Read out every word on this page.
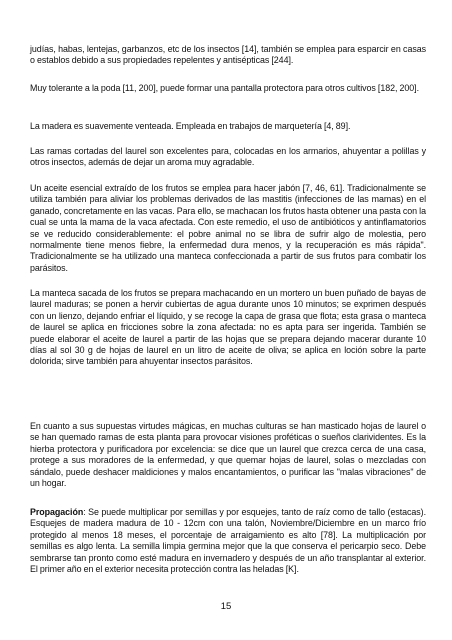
judías, habas, lentejas, garbanzos, etc de los insectos [14], también se emplea para esparcir en casas o establos debido a sus propiedades repelentes y antisépticas [244].

Muy tolerante a la poda [11, 200], puede formar una pantalla protectora para otros cultivos [182, 200].

La madera es suavemente venteada. Empleada en trabajos de marquetería [4, 89].

Las ramas cortadas del laurel son excelentes para, colocadas en los armarios, ahuyentar a polillas y otros insectos, además de dejar un aroma muy agradable.

Un aceite esencial extraído de los frutos se emplea para hacer jabón [7, 46, 61]. Tradicionalmente se utiliza también para aliviar los problemas derivados de las mastitis (infecciones de las mamas) en el ganado, concretamente en las vacas. Para ello, se machacan los frutos hasta obtener una pasta con la cual se unta la mama de la vaca afectada. Con este remedio, el uso de antibióticos y antinflamatorios se ve reducido considerablemente: el pobre animal no se libra de sufrir algo de molestia, pero normalmente tiene menos fiebre, la enfermedad dura menos, y la recuperación es más rápida". Tradicionalmente se ha utilizado una manteca confeccionada a partir de sus frutos para combatir los parásitos.

La manteca sacada de los frutos se prepara machacando en un mortero un buen puñado de bayas de laurel maduras; se ponen a hervir cubiertas de agua durante unos 10 minutos; se exprimen después con un lienzo, dejando enfriar el líquido, y se recoge la capa de grasa que flota; esta grasa o manteca de laurel se aplica en fricciones sobre la zona afectada: no es apta para ser ingerida. También se puede elaborar el aceite de laurel a partir de las hojas que se prepara dejando macerar durante 10 días al sol 30 g de hojas de laurel en un litro de aceite de oliva; se aplica en loción sobre la parte dolorida; sirve también para ahuyentar insectos parásitos.

En cuanto a sus supuestas virtudes mágicas, en muchas culturas se han masticado hojas de laurel o se han quemado ramas de esta planta para provocar visiones proféticas o sueños clarividentes. Es la hierba protectora y purificadora por excelencia: se dice que un laurel que crezca cerca de una casa, protege a sus moradores de la enfermedad, y que quemar hojas de laurel, solas o mezcladas con sándalo, puede deshacer maldiciones y malos encantamientos, o purificar las "malas vibraciones" de un hogar.

Propagación: Se puede multiplicar por semillas y por esquejes, tanto de raíz como de tallo (estacas). Esquejes de madera madura de 10 - 12cm con una talón, Noviembre/Diciembre en un marco frío protegido al menos 18 meses, el porcentaje de arraigamiento es alto [78]. La multiplicación por semillas es algo lenta. La semilla limpia germina mejor que la que conserva el pericarpio seco. Debe sembrarse tan pronto como esté madura en invernadero y después de un año transplantar al exterior. El primer año en el exterior necesita protección contra las heladas [K].

15
